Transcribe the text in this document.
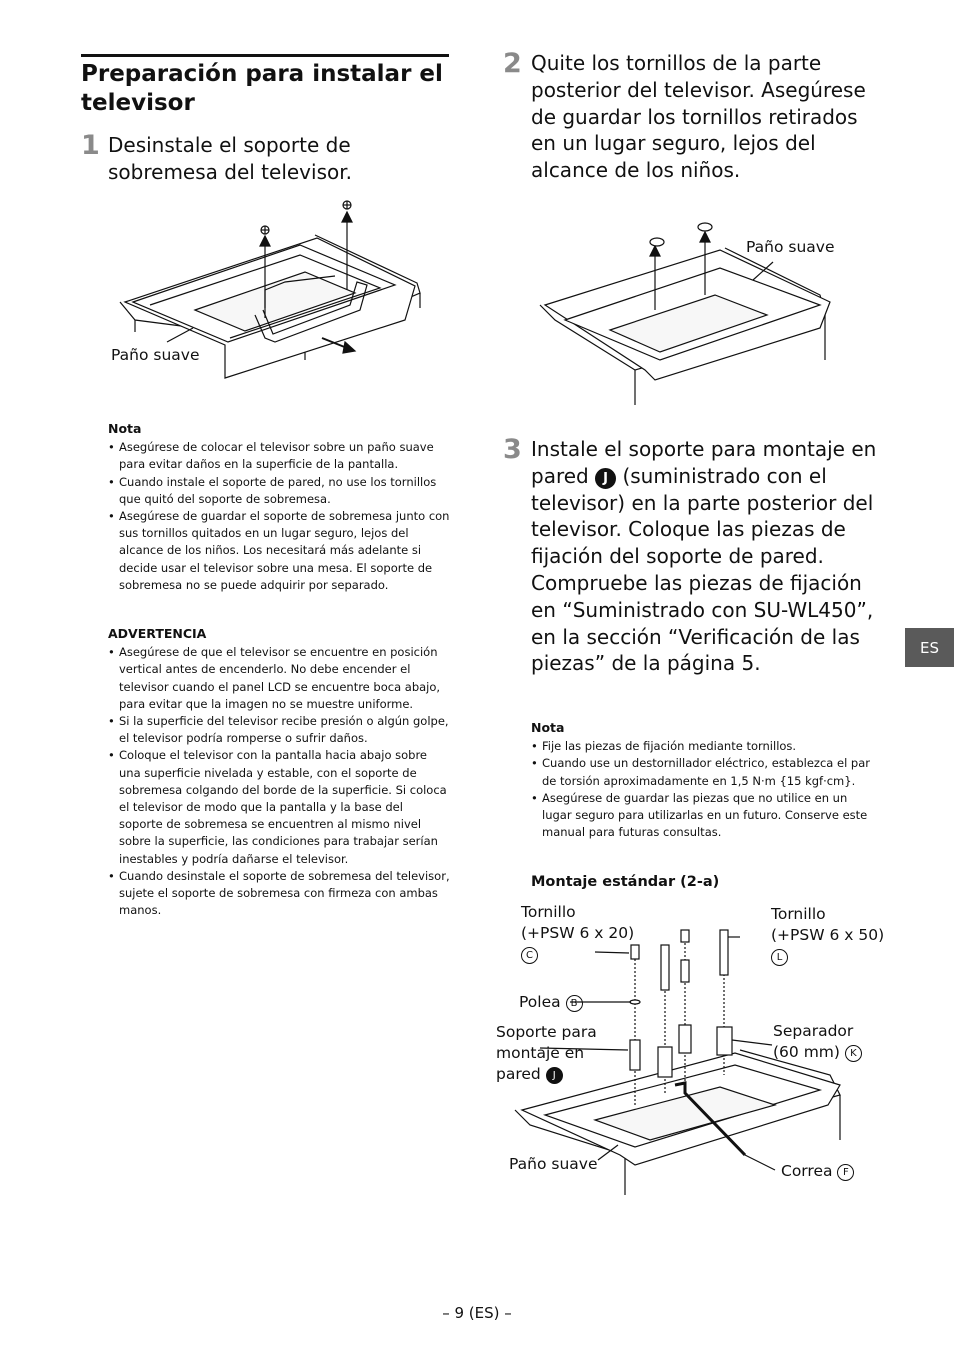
Preparación para instalar el televisor
1 Desinstale el soporte de sobremesa del televisor.
Paño suave
Nota
• Asegúrese de colocar el televisor sobre un paño suave para evitar daños en la superficie de la pantalla.
• Cuando instale el soporte de pared, no use los tornillos que quitó del soporte de sobremesa.
• Asegúrese de guardar el soporte de sobremesa junto con sus tornillos quitados en un lugar seguro, lejos del alcance de los niños. Los necesitará más adelante si decide usar el televisor sobre una mesa. El soporte de sobremesa no se puede adquirir por separado.
ADVERTENCIA
• Asegúrese de que el televisor se encuentre en posición vertical antes de encenderlo. No debe encender el televisor cuando el panel LCD se encuentre boca abajo, para evitar que la imagen no se muestre uniforme.
• Si la superficie del televisor recibe presión o algún golpe, el televisor podría romperse o sufrir daños.
• Coloque el televisor con la pantalla hacia abajo sobre una superficie nivelada y estable, con el soporte de sobremesa colgando del borde de la superficie. Si coloca el televisor de modo que la pantalla y la base del soporte de sobremesa se encuentren al mismo nivel sobre la superficie, las condiciones para trabajar serían inestables y podría dañarse el televisor.
• Cuando desinstale el soporte de sobremesa del televisor, sujete el soporte de sobremesa con firmeza con ambas manos.
2 Quite los tornillos de la parte posterior del televisor. Asegúrese de guardar los tornillos retirados en un lugar seguro, lejos del alcance de los niños.
Paño suave
3 Instale el soporte para montaje en pared J (suministrado con el televisor) en la parte posterior del televisor. Coloque las piezas de fijación del soporte de pared. Compruebe las piezas de fijación en “Suministrado con SU-WL450”, en la sección “Verificación de las piezas” de la página 5.
Nota
• Fije las piezas de fijación mediante tornillos.
• Cuando use un destornillador eléctrico, establezca el par de torsión aproximadamente en 1,5 N·m {15 kgf·cm}.
• Asegúrese de guardar las piezas que no utilice en un lugar seguro para utilizarlas en un futuro. Conserve este manual para futuras consultas.
Montaje estándar (2-a)
Tornillo
(+PSW 6 x 20)
C
Tornillo
(+PSW 6 x 50)
L
Polea B
Soporte para
montaje en
pared J
Separador
(60 mm) K
Paño suave	Correa F
ES
– 9 (ES) –
